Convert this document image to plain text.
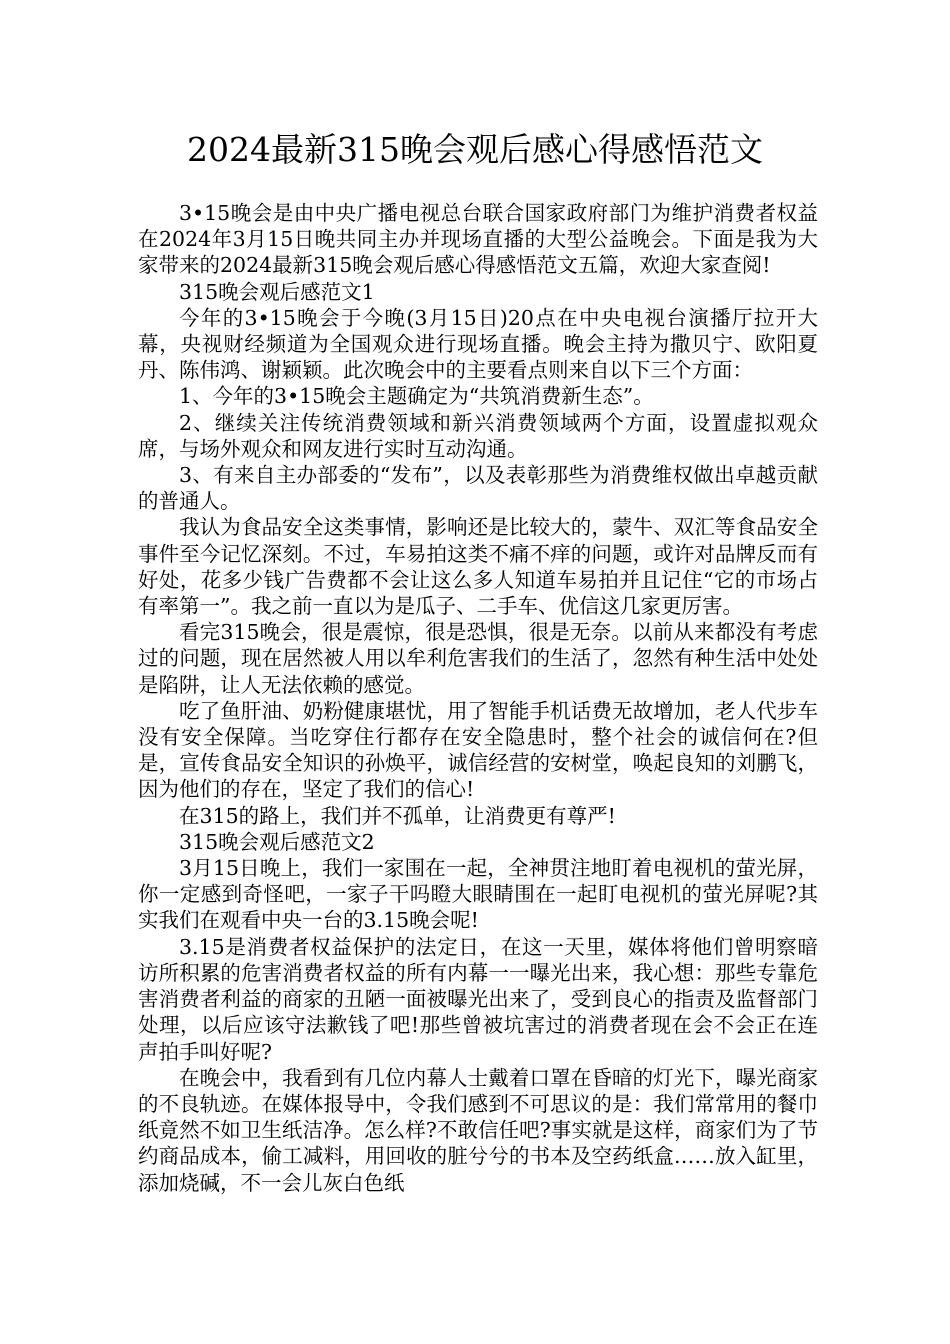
2024最新315晚会观后感心得感悟范文

3•15晚会是由中央广播电视总台联合国家政府部门为维护消费者权益在2024年3月15日晚共同主办并现场直播的大型公益晚会。下面是我为大家带来的2024最新315晚会观后感心得感悟范文五篇，欢迎大家查阅!

315晚会观后感范文1

今年的3•15晚会于今晚(3月15日)20点在中央电视台演播厅拉开大幕，央视财经频道为全国观众进行现场直播。晚会主持为撒贝宁、欧阳夏丹、陈伟鸿、谢颖颖。此次晚会中的主要看点则来自以下三个方面：

1、今年的3•15晚会主题确定为“共筑消费新生态”。

2、继续关注传统消费领域和新兴消费领域两个方面，设置虚拟观众席，与场外观众和网友进行实时互动沟通。

3、有来自主办部委的“发布”，以及表彰那些为消费维权做出卓越贡献的普通人。

我认为食品安全这类事情，影响还是比较大的，蒙牛、双汇等食品安全事件至今记忆深刻。不过，车易拍这类不痛不痒的问题，或许对品牌反而有好处，花多少钱广告费都不会让这么多人知道车易拍并且记住“它的市场占有率第一”。我之前一直以为是瓜子、二手车、优信这几家更厉害。

看完315晚会，很是震惊，很是恐惧，很是无奈。以前从来都没有考虑过的问题，现在居然被人用以牟利危害我们的生活了，忽然有种生活中处处是陷阱，让人无法依赖的感觉。

吃了鱼肝油、奶粉健康堪忧，用了智能手机话费无故增加，老人代步车没有安全保障。当吃穿住行都存在安全隐患时，整个社会的诚信何在?但是，宣传食品安全知识的孙焕平，诚信经营的安树堂，唤起良知的刘鹏飞，因为他们的存在，坚定了我们的信心!

在315的路上，我们并不孤单，让消费更有尊严!

315晚会观后感范文2

3月15日晚上，我们一家围在一起，全神贯注地盯着电视机的萤光屏，你一定感到奇怪吧，一家子干吗瞪大眼睛围在一起盯电视机的萤光屏呢?其实我们在观看中央一台的3.15晚会呢!

3.15是消费者权益保护的法定日，在这一天里，媒体将他们曾明察暗访所积累的危害消费者权益的所有内幕一一曝光出来，我心想：那些专靠危害消费者利益的商家的丑陋一面被曝光出来了，受到良心的指责及监督部门处理，以后应该守法歉钱了吧!那些曾被坑害过的消费者现在会不会正在连声拍手叫好呢?

在晚会中，我看到有几位内幕人士戴着口罩在昏暗的灯光下，曝光商家的不良轨迹。在媒体报导中，令我们感到不可思议的是：我们常常用的餐巾纸竟然不如卫生纸洁净。怎么样?不敢信任吧?事实就是这样，商家们为了节约商品成本，偷工减料，用回收的脏兮兮的书本及空药纸盒……放入缸里，添加烧碱，不一会儿灰白色纸
